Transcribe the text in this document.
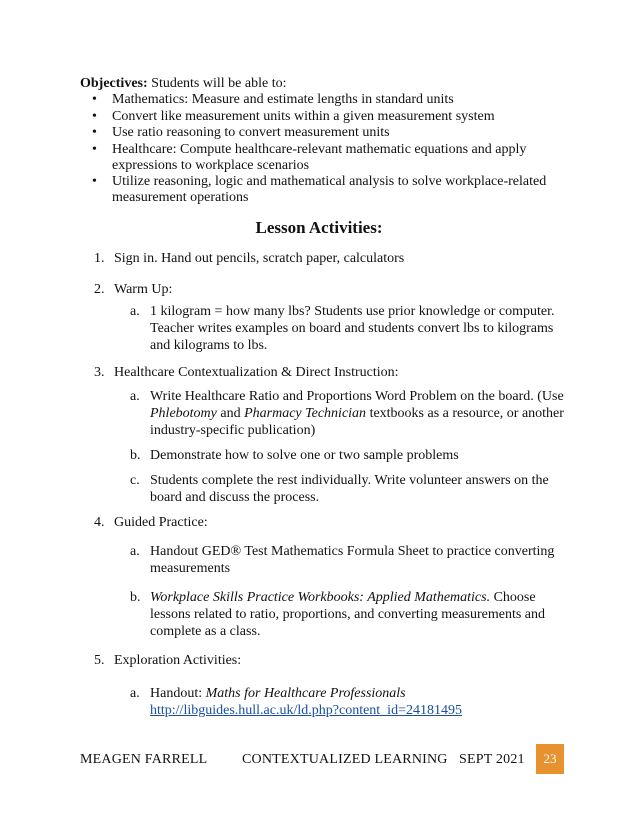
Objectives: Students will be able to:
• Mathematics: Measure and estimate lengths in standard units
• Convert like measurement units within a given measurement system
• Use ratio reasoning to convert measurement units
• Healthcare: Compute healthcare-relevant mathematic equations and apply expressions to workplace scenarios
• Utilize reasoning, logic and mathematical analysis to solve workplace-related measurement operations
Lesson Activities:
1. Sign in. Hand out pencils, scratch paper, calculators
2. Warm Up:
a. 1 kilogram = how many lbs? Students use prior knowledge or computer. Teacher writes examples on board and students convert lbs to kilograms and kilograms to lbs.
3. Healthcare Contextualization & Direct Instruction:
a. Write Healthcare Ratio and Proportions Word Problem on the board. (Use Phlebotomy and Pharmacy Technician textbooks as a resource, or another industry-specific publication)
b. Demonstrate how to solve one or two sample problems
c. Students complete the rest individually. Write volunteer answers on the board and discuss the process.
4. Guided Practice:
a. Handout GED® Test Mathematics Formula Sheet to practice converting measurements
b. Workplace Skills Practice Workbooks: Applied Mathematics. Choose lessons related to ratio, proportions, and converting measurements and complete as a class.
5. Exploration Activities:
a. Handout: Maths for Healthcare Professionals
http://libguides.hull.ac.uk/ld.php?content_id=24181495
MEAGEN FARRELL CONTEXTUALIZED LEARNING SEPT 2021	23
